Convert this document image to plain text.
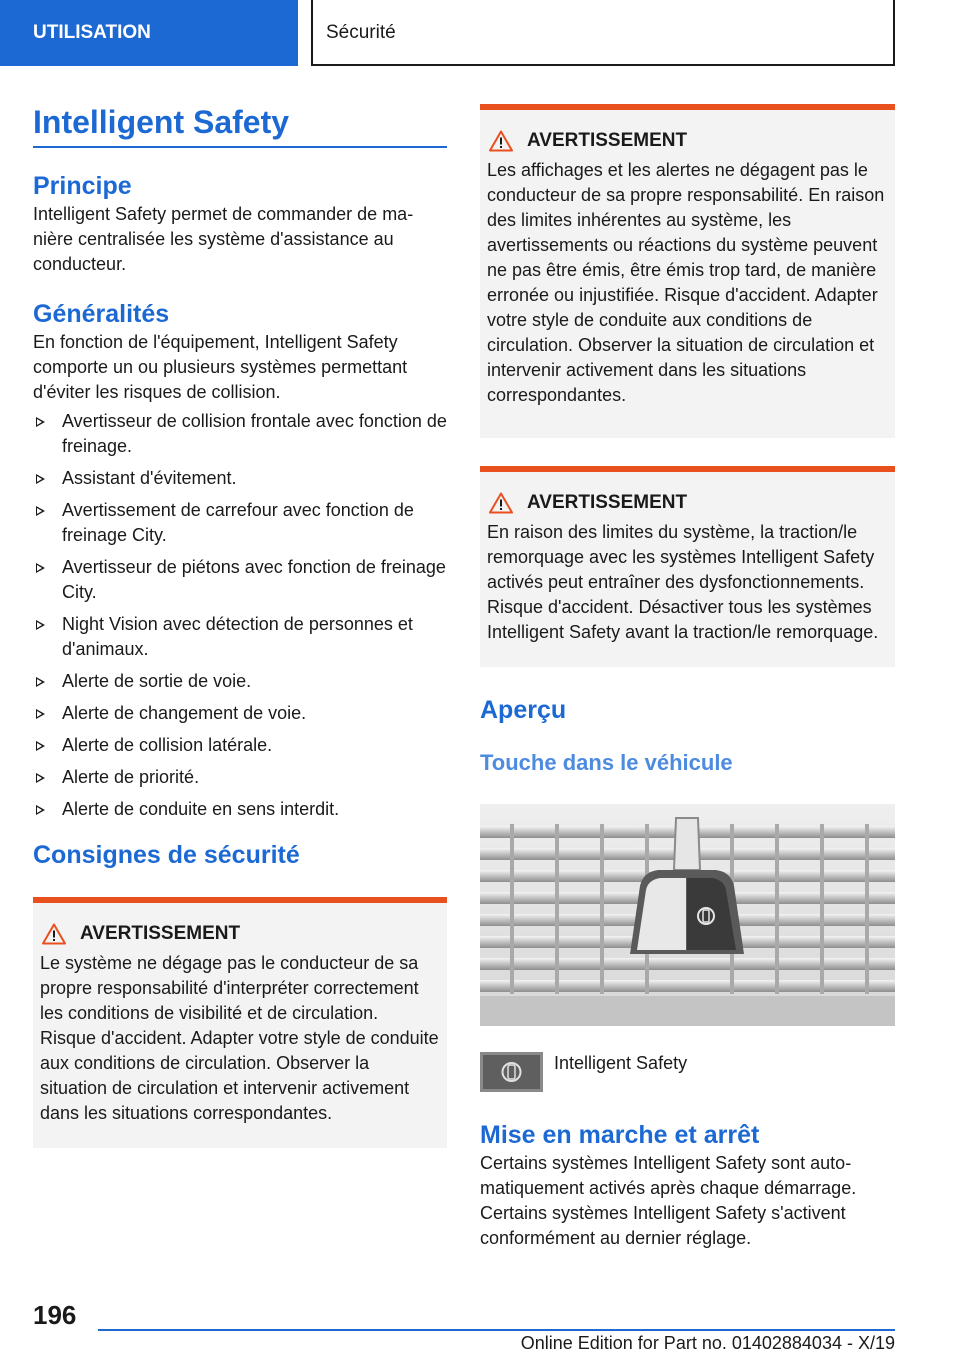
UTILISATION	Sécurité
Intelligent Safety
Principe

Intelligent Safety permet de commander de manière centralisée les système d'assistance au conducteur.

Généralités

En fonction de l'équipement, Intelligent Safety comporte un ou plusieurs systèmes permettant d'éviter les risques de collision.

Avertisseur de collision frontale avec fonction de freinage.
Assistant d'évitement.
Avertissement de carrefour avec fonction de freinage City.
Avertisseur de piétons avec fonction de freinage City.
Night Vision avec détection de personnes et d'animaux.
Alerte de sortie de voie.
Alerte de changement de voie.
Alerte de collision latérale.
Alerte de priorité.
Alerte de conduite en sens interdit.
Consignes de sécurité
AVERTISSEMENT

Le système ne dégage pas le conducteur de sa propre responsabilité d'interpréter correctement les conditions de visibilité et de circulation. Risque d'accident. Adapter votre style de conduite aux conditions de circulation. Observer la situation de circulation et intervenir activement dans les situations correspondantes.

AVERTISSEMENT

Les affichages et les alertes ne dégagent pas le conducteur de sa propre responsabilité. En raison des limites inhérentes au système, les avertissements ou réactions du système peuvent ne pas être émis, être émis trop tard, de manière erronée ou injustifiée. Risque d'accident. Adapter votre style de conduite aux conditions de circulation. Observer la situation de circulation et intervenir activement dans les situations correspondantes.

AVERTISSEMENT

En raison des limites du système, la traction/le remorquage avec les systèmes Intelligent Safety activés peut entraîner des dysfonctionnements. Risque d'accident. Désactiver tous les systèmes Intelligent Safety avant la traction/le remorquage.

Aperçu
Touche dans le véhicule
Intelligent Safety
Mise en marche et arrêt

Certains systèmes Intelligent Safety sont automatiquement activés après chaque démarrage. Certains systèmes Intelligent Safety s'activent conformément au dernier réglage.

196
Online Edition for Part no. 01402884034 - X/19
